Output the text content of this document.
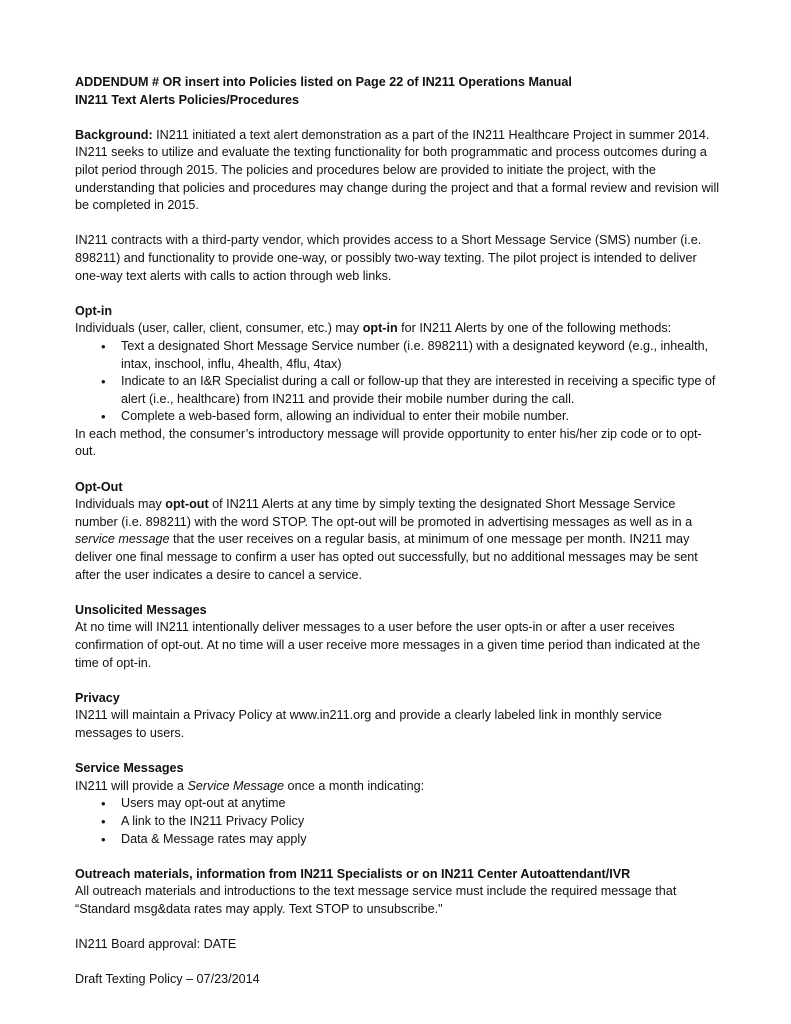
ADDENDUM # OR insert into Policies listed on Page 22 of IN211 Operations Manual

IN211 Text Alerts Policies/Procedures

Background: IN211 initiated a text alert demonstration as a part of the IN211 Healthcare Project in summer 2014. IN211 seeks to utilize and evaluate the texting functionality for both programmatic and process outcomes during a pilot period through 2015. The policies and procedures below are provided to initiate the project, with the understanding that policies and procedures may change during the project and that a formal review and revision will be completed in 2015.

IN211 contracts with a third-party vendor, which provides access to a Short Message Service (SMS) number (i.e. 898211) and functionality to provide one-way, or possibly two-way texting. The pilot project is intended to deliver one-way text alerts with calls to action through web links.

Opt-in

Individuals (user, caller, client, consumer, etc.) may opt-in for IN211 Alerts by one of the following methods:

• Text a designated Short Message Service number (i.e. 898211) with a designated keyword (e.g., inhealth, intax, inschool, influ, 4health, 4flu, 4tax)
• Indicate to an I&R Specialist during a call or follow-up that they are interested in receiving a specific type of alert (i.e., healthcare) from IN211 and provide their mobile number during the call.
• Complete a web-based form, allowing an individual to enter their mobile number.

In each method, the consumer’s introductory message will provide opportunity to enter his/her zip code or to opt-out.

Opt-Out

Individuals may opt-out of IN211 Alerts at any time by simply texting the designated Short Message Service number (i.e. 898211) with the word STOP. The opt-out will be promoted in advertising messages as well as in a service message that the user receives on a regular basis, at minimum of one message per month. IN211 may deliver one final message to confirm a user has opted out successfully, but no additional messages may be sent after the user indicates a desire to cancel a service.

Unsolicited Messages

At no time will IN211 intentionally deliver messages to a user before the user opts-in or after a user receives confirmation of opt-out. At no time will a user receive more messages in a given time period than indicated at the time of opt-in.

Privacy

IN211 will maintain a Privacy Policy at www.in211.org and provide a clearly labeled link in monthly service messages to users.

Service Messages

IN211 will provide a Service Message once a month indicating:

• Users may opt-out at anytime
• A link to the IN211 Privacy Policy
• Data & Message rates may apply

Outreach materials, information from IN211 Specialists or on IN211 Center Autoattendant/IVR

All outreach materials and introductions to the text message service must include the required message that “Standard msg&data rates may apply. Text STOP to unsubscribe."

IN211 Board approval: DATE

Draft Texting Policy – 07/23/2014
